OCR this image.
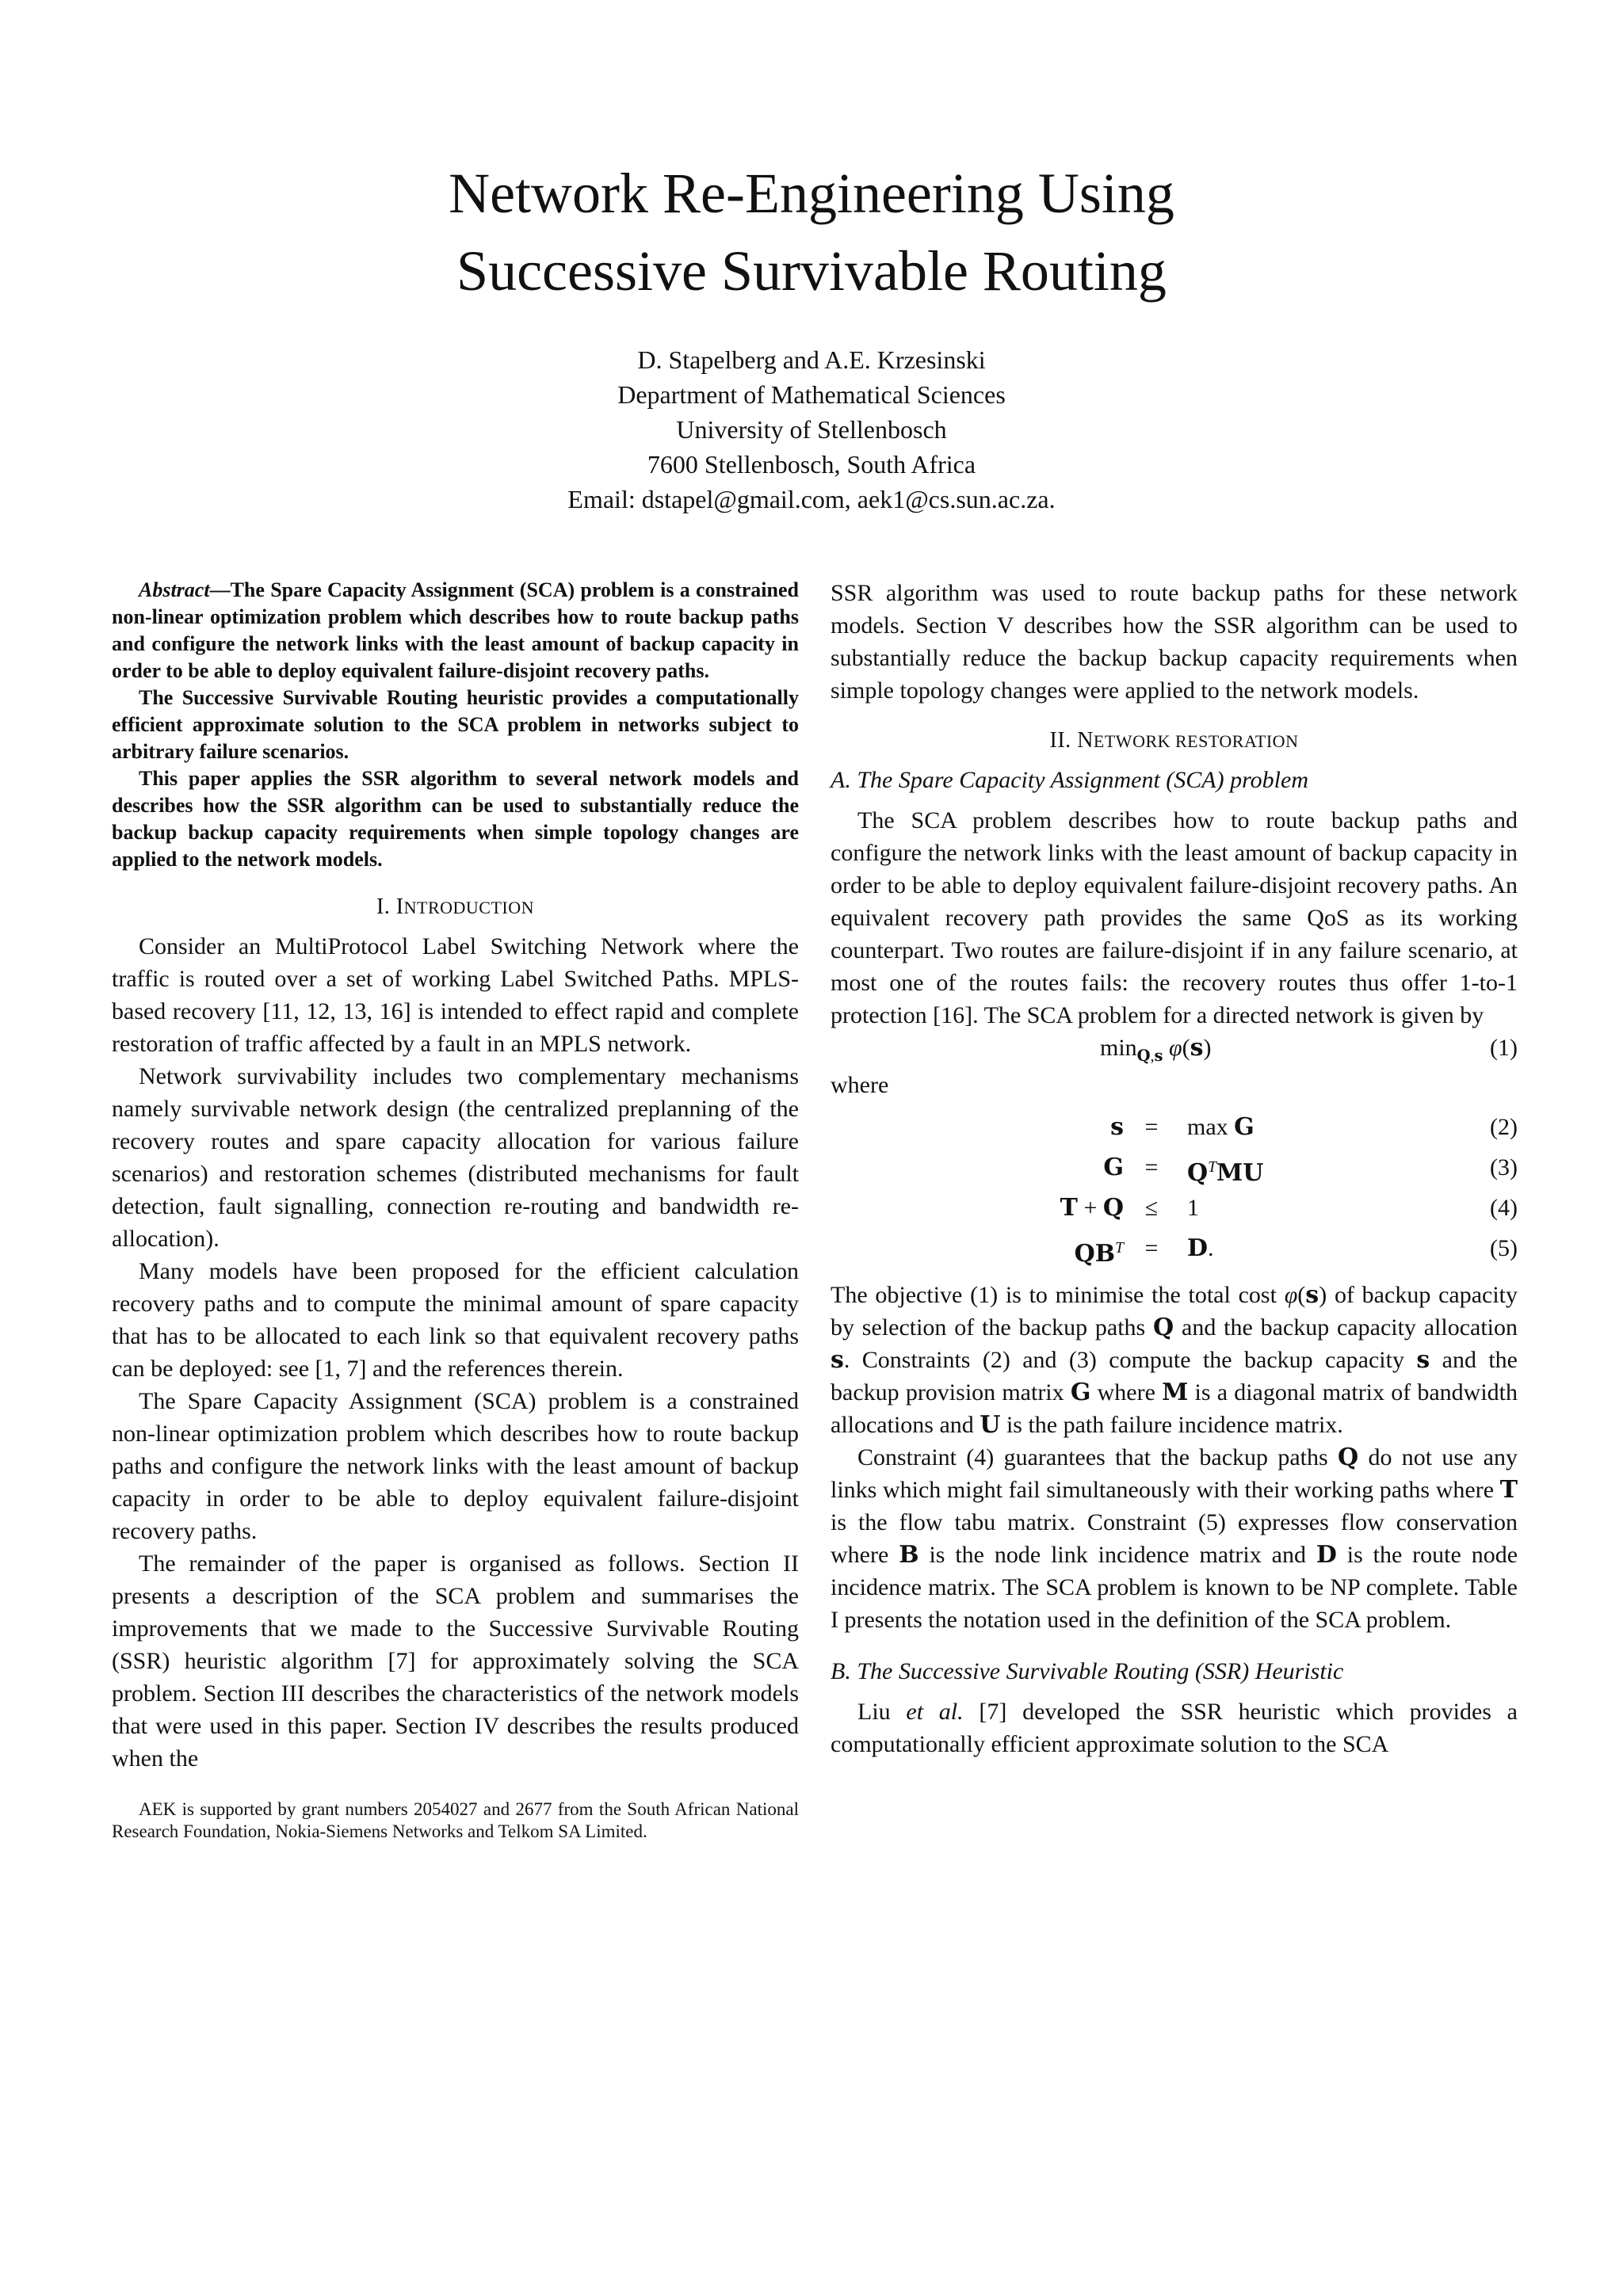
Network Re-Engineering Using
Successive Survivable Routing
D. Stapelberg and A.E. Krzesinski
Department of Mathematical Sciences
University of Stellenbosch
7600 Stellenbosch, South Africa
Email: dstapel@gmail.com, aek1@cs.sun.ac.za.

Abstract—The Spare Capacity Assignment (SCA) problem is a constrained non-linear optimization problem which describes how to route backup paths and configure the network links with the least amount of backup capacity in order to be able to deploy equivalent failure-disjoint recovery paths.

The Successive Survivable Routing heuristic provides a computationally efficient approximate solution to the SCA problem in networks subject to arbitrary failure scenarios.

This paper applies the SSR algorithm to several network models and describes how the SSR algorithm can be used to substantially reduce the backup backup capacity requirements when simple topology changes are applied to the network models.

I. INTRODUCTION

Consider an MultiProtocol Label Switching Network where the traffic is routed over a set of working Label Switched Paths. MPLS-based recovery [11, 12, 13, 16] is intended to effect rapid and complete restoration of traffic affected by a fault in an MPLS network.

Network survivability includes two complementary mechanisms namely survivable network design (the centralized preplanning of the recovery routes and spare capacity allocation for various failure scenarios) and restoration schemes (distributed mechanisms for fault detection, fault signalling, connection re-routing and bandwidth re-allocation).

Many models have been proposed for the efficient calculation recovery paths and to compute the minimal amount of spare capacity that has to be allocated to each link so that equivalent recovery paths can be deployed: see [1, 7] and the references therein.

The Spare Capacity Assignment (SCA) problem is a constrained non-linear optimization problem which describes how to route backup paths and configure the network links with the least amount of backup capacity in order to be able to deploy equivalent failure-disjoint recovery paths.

The remainder of the paper is organised as follows. Section II presents a description of the SCA problem and summarises the improvements that we made to the Successive Survivable Routing (SSR) heuristic algorithm [7] for approximately solving the SCA problem. Section III describes the characteristics of the network models that were used in this paper. Section IV describes the results produced when the

AEK is supported by grant numbers 2054027 and 2677 from the South African National Research Foundation, Nokia-Siemens Networks and Telkom SA Limited.

SSR algorithm was used to route backup paths for these network models. Section V describes how the SSR algorithm can be used to substantially reduce the backup backup capacity requirements when simple topology changes were applied to the network models.

II. NETWORK RESTORATION

A. The Spare Capacity Assignment (SCA) problem

The SCA problem describes how to route backup paths and configure the network links with the least amount of backup capacity in order to be able to deploy equivalent failure-disjoint recovery paths. An equivalent recovery path provides the same QoS as its working counterpart. Two routes are failure-disjoint if in any failure scenario, at most one of the routes fails: the recovery routes thus offer 1-to-1 protection [16]. The SCA problem for a directed network is given by

$\min_{Q,s} \varphi(s)$	(1)

where

s =	max G	(2)
G =	$Q^TMU$	(3)
T + Q ≤	1	(4)
$QB^T$ =	D.	(5)

The objective (1) is to minimise the total cost φ(s) of backup capacity by selection of the backup paths Q and the backup capacity allocation s. Constraints (2) and (3) compute the backup capacity s and the backup provision matrix G where M is a diagonal matrix of bandwidth allocations and U is the path failure incidence matrix.

Constraint (4) guarantees that the backup paths Q do not use any links which might fail simultaneously with their working paths where T is the flow tabu matrix. Constraint (5) expresses flow conservation where B is the node link incidence matrix and D is the route node incidence matrix. The SCA problem is known to be NP complete. Table I presents the notation used in the definition of the SCA problem.

B. The Successive Survivable Routing (SSR) Heuristic

Liu et al. [7] developed the SSR heuristic which provides a computationally efficient approximate solution to the SCA
